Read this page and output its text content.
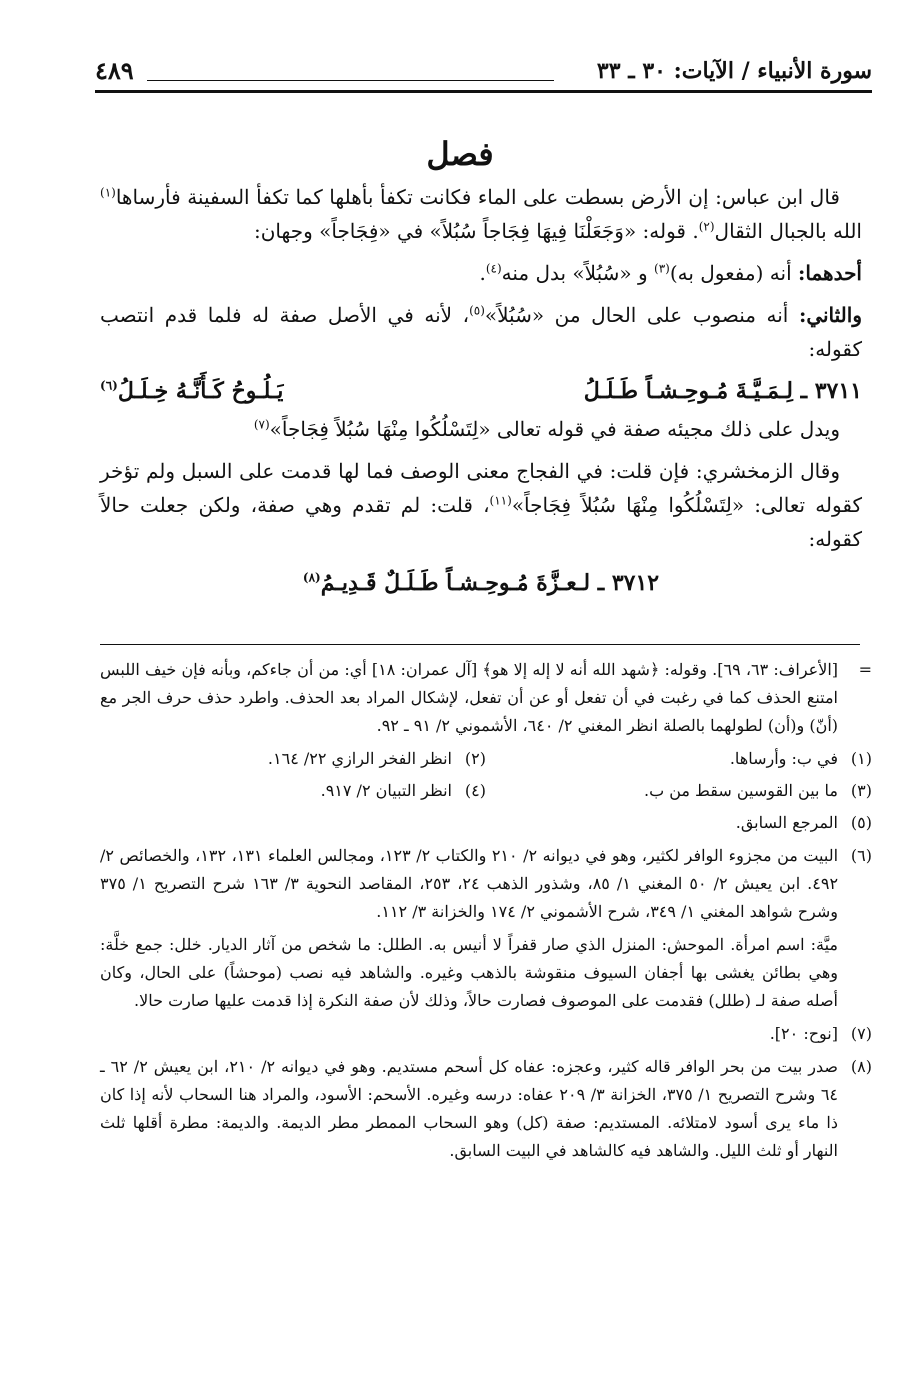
سورة الأنبياء / الآيات: ٣٠ ـ ٣٣
٤٨٩
فصل

قال ابن عباس: إن الأرض بسطت على الماء فكانت تكفأ بأهلها كما تكفأ السفينة فأرساها$^{(١)}$ الله بالجبال الثقال$^{(٢)}$. قوله: «وَجَعَلْنَا فِيهَا فِجَاجاً سُبُلاً» في «فِجَاجاً» وجهان:

أحدهما: أنه (مفعول به)$^{(٣)}$ و «سُبُلاً» بدل منه$^{(٤)}$.

والثاني: أنه منصوب على الحال من «سُبُلاً»$^{(٥)}$، لأنه في الأصل صفة له فلما قدم انتصب كقوله:

٣٧١١ ـ لِـمَـيَّـةَ مُـوحِـشـاً طَـلَـلُ
يَـلُـوحُ كَـأَنَّـهُ خِـلَـلُ$^{(٦)}$

ويدل على ذلك مجيئه صفة في قوله تعالى «لِتَسْلُكُوا مِنْهَا سُبُلاً فِجَاجاً»$^{(٧)}$

وقال الزمخشري: فإن قلت: في الفجاج معنى الوصف فما لها قدمت على السبل ولم تؤخر كقوله تعالى: «لِتَسْلُكُوا مِنْهَا سُبُلاً فِجَاجاً»$^{(١١)}$، قلت: لم تقدم وهي صفة، ولكن جعلت حالاً كقوله:

٣٧١٢ ـ لـعـزَّةَ مُـوحِـشـاً طَـلَـلٌ قَـدِيـمُ$^{(٨)}$
=
[الأعراف: ٦٣، ٦٩]. وقوله: ﴿شهد الله أنه لا إله إلا هو﴾ [آل عمران: ١٨] أي: من أن جاءكم، وبأنه فإن خيف اللبس امتنع الحذف كما في رغبت في أن تفعل أو عن أن تفعل، لإشكال المراد بعد الحذف. واطرد حذف حرف الجر مع (أنّ) و(أن) لطولهما بالصلة انظر المغني ٢/ ٦٤٠، الأشموني ٢/ ٩١ ـ ٩٢.
(١)
في ب: وأرساها.
(٢)
انظر الفخر الرازي ٢٢/ ١٦٤.
(٣)
ما بين القوسين سقط من ب.
(٤)
انظر التبيان ٢/ ٩١٧.
(٥)
المرجع السابق.
(٦)
البيت من مجزوء الوافر لكثير، وهو في ديوانه ٢/ ٢١٠ والكتاب ٢/ ١٢٣، ومجالس العلماء ١٣١، ١٣٢، والخصائص ٢/ ٤٩٢. ابن يعيش ٢/ ٥٠ المغني ١/ ٨٥، وشذور الذهب ٢٤، ٢٥٣، المقاصد النحوية ٣/ ١٦٣ شرح التصريح ١/ ٣٧٥ وشرح شواهد المغني ١/ ٣٤٩، شرح الأشموني ٢/ ١٧٤ والخزانة ٣/ ١١٢.
ميَّة: اسم امرأة. الموحش: المنزل الذي صار قفراً لا أنيس به. الطلل: ما شخص من آثار الديار. خلل: جمع خلَّة: وهي بطائن يغشى بها أجفان السيوف منقوشة بالذهب وغيره. والشاهد فيه نصب (موحشاً) على الحال، وكان أصله صفة لـ (طلل) فقدمت على الموصوف فصارت حالاً، وذلك لأن صفة النكرة إذا قدمت عليها صارت حالا.
(٧)
[نوح: ٢٠].
(٨)
صدر بيت من بحر الوافر قاله كثير، وعجزه: عفاه كل أسحم مستديم. وهو في ديوانه ٢/ ٢١٠، ابن يعيش ٢/ ٦٢ ـ ٦٤ وشرح التصريح ١/ ٣٧٥، الخزانة ٣/ ٢٠٩ عفاه: درسه وغيره. الأسحم: الأسود، والمراد هنا السحاب لأنه إذا كان ذا ماء يرى أسود لامتلائه. المستديم: صفة (كل) وهو السحاب الممطر مطر الديمة. والديمة: مطرة أقلها ثلث النهار أو ثلث الليل. والشاهد فيه كالشاهد في البيت السابق.
